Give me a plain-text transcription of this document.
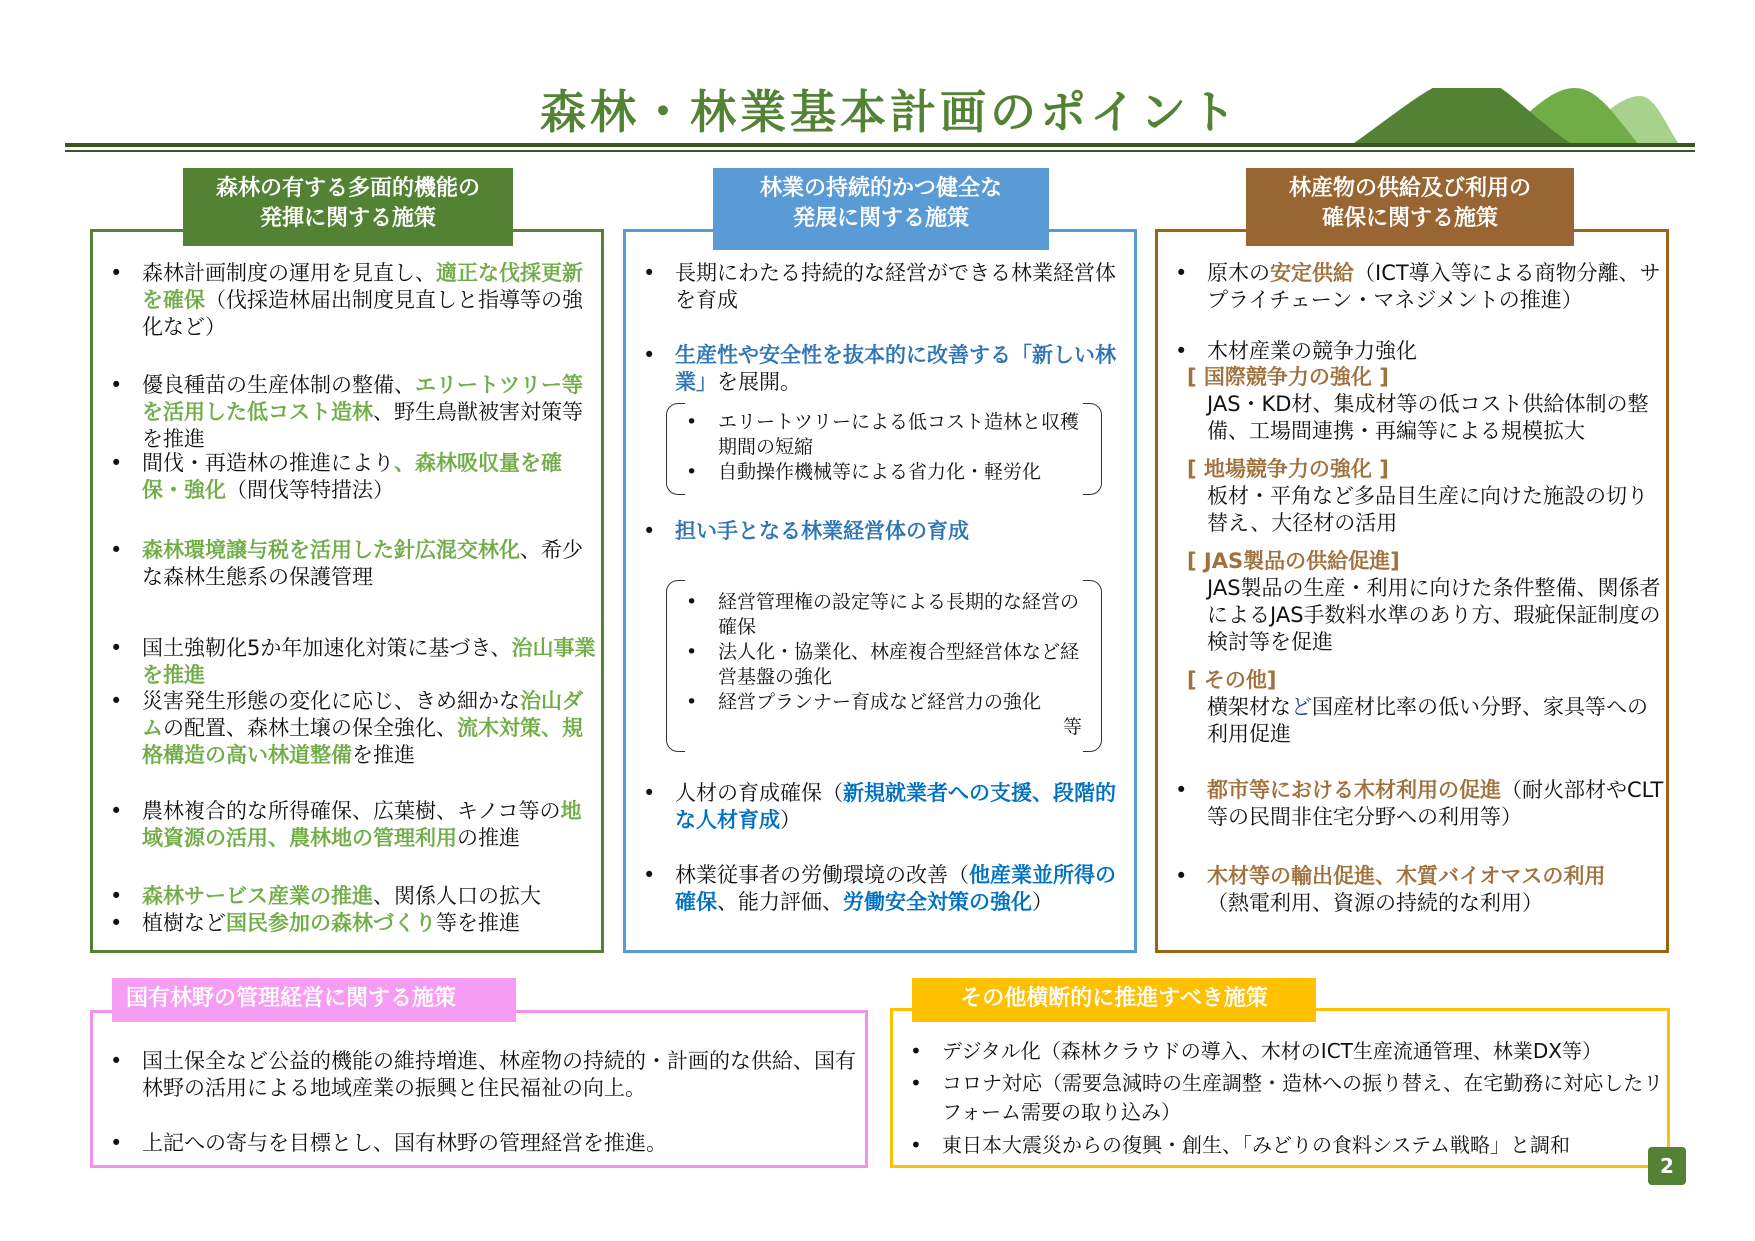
森林・林業基本計画のポイント
森林の有する多面的機能の
発揮に関する施策
• 森林計画制度の運用を見直し、適正な伐採更新を確保（伐採造林届出制度見直しと指導等の強化など）
• 優良種苗の生産体制の整備、エリートツリー等を活用した低コスト造林、野生鳥獣被害対策等を推進
• 間伐・再造林の推進により、森林吸収量を確保・強化（間伐等特措法）
• 森林環境譲与税を活用した針広混交林化、希少な森林生態系の保護管理
• 国土強靭化5か年加速化対策に基づき、治山事業を推進
• 災害発生形態の変化に応じ、きめ細かな治山ダムの配置、森林土壌の保全強化、流木対策、規格構造の高い林道整備を推進
• 農林複合的な所得確保、広葉樹、キノコ等の地域資源の活用、農林地の管理利用の推進
• 森林サービス産業の推進、関係人口の拡大
• 植樹など国民参加の森林づくり等を推進
林業の持続的かつ健全な
発展に関する施策
• 長期にわたる持続的な経営ができる林業経営体を育成
• 生産性や安全性を抜本的に改善する「新しい林業」を展開。
• 担い手となる林業経営体の育成
• 人材の育成確保（新規就業者への支援、段階的な人材育成）
• 林業従事者の労働環境の改善（他産業並所得の確保、能力評価、労働安全対策の強化）
• エリートツリーによる低コスト造林と収穫期間の短縮
• 自動操作機械等による省力化・軽労化
• 経営管理権の設定等による長期的な経営の確保
• 法人化・協業化、林産複合型経営体など経営基盤の強化
• 経営プランナー育成など経営力の強化
等
林産物の供給及び利用の
確保に関する施策
• 原木の安定供給（ICT導入等による商物分離、サプライチェーン・マネジメントの推進）
• 木材産業の競争力強化
[ 国際競争力の強化 ]
JAS・KD材、集成材等の低コスト供給体制の整備、工場間連携・再編等による規模拡大
[ 地場競争力の強化 ]
板材・平角など多品目生産に向けた施設の切り替え、大径材の活用
[ JAS製品の供給促進]
JAS製品の生産・利用に向けた条件整備、関係者によるJAS手数料水準のあり方、瑕疵保証制度の検討等を促進
[ その他]
横架材など国産材比率の低い分野、家具等への利用促進
• 都市等における木材利用の促進（耐火部材やCLT等の民間非住宅分野への利用等）
• 木材等の輸出促進、木質バイオマスの利用
（熱電利用、資源の持続的な利用）
国有林野の管理経営に関する施策
• 国土保全など公益的機能の維持増進、林産物の持続的・計画的な供給、国有林野の活用による地域産業の振興と住民福祉の向上。
• 上記への寄与を目標とし、国有林野の管理経営を推進。
その他横断的に推進すべき施策
• デジタル化（森林クラウドの導入、木材のICT生産流通管理、林業DX等）
• コロナ対応（需要急減時の生産調整・造林への振り替え、在宅勤務に対応したリフォーム需要の取り込み）
• 東日本大震災からの復興・創生、「みどりの食料システム戦略」と調和
2
